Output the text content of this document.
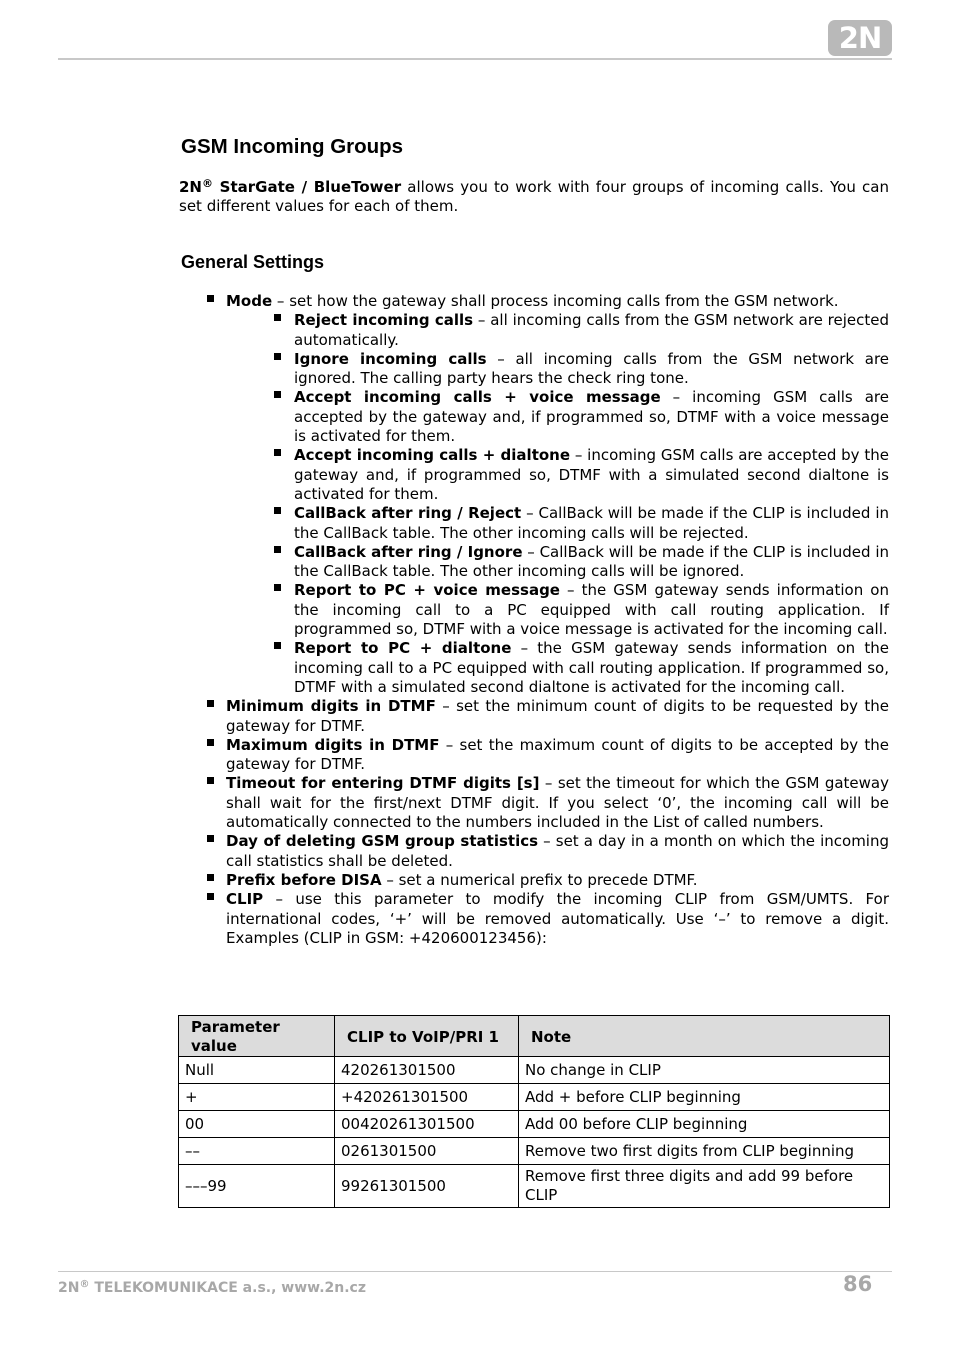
2N
GSM Incoming Groups

2N® StarGate / BlueTower allows you to work with four groups of incoming calls. You can set different values for each of them.

General Settings
Mode – set how the gateway shall process incoming calls from the GSM network.
Reject incoming calls – all incoming calls from the GSM network are rejected automatically.
Ignore incoming calls – all incoming calls from the GSM network are ignored. The calling party hears the check ring tone.
Accept incoming calls + voice message – incoming GSM calls are accepted by the gateway and, if programmed so, DTMF with a voice message is activated for them.
Accept incoming calls + dialtone – incoming GSM calls are accepted by the gateway and, if programmed so, DTMF with a simulated second dialtone is activated for them.
CallBack after ring / Reject – CallBack will be made if the CLIP is included in the CallBack table. The other incoming calls will be rejected.
CallBack after ring / Ignore – CallBack will be made if the CLIP is included in the CallBack table. The other incoming calls will be ignored.
Report to PC + voice message – the GSM gateway sends information on the incoming call to a PC equipped with call routing application. If programmed so, DTMF with a voice message is activated for the incoming call.
Report to PC + dialtone – the GSM gateway sends information on the incoming call to a PC equipped with call routing application. If programmed so, DTMF with a simulated second dialtone is activated for the incoming call.
Minimum digits in DTMF – set the minimum count of digits to be requested by the gateway for DTMF.
Maximum digits in DTMF – set the maximum count of digits to be accepted by the gateway for DTMF.
Timeout for entering DTMF digits [s] – set the timeout for which the GSM gateway shall wait for the first/next DTMF digit. If you select ‘0’, the incoming call will be automatically connected to the numbers included in the List of called numbers.
Day of deleting GSM group statistics – set a day in a month on which the incoming call statistics shall be deleted.
Prefix before DISA – set a numerical prefix to precede DTMF.
CLIP – use this parameter to modify the incoming CLIP from GSM/UMTS. For international codes, ‘+’ will be removed automatically. Use ‘–’ to remove a digit. Examples (CLIP in GSM: +420600123456):
Parameter value	CLIP to VoIP/PRI 1	Note
Null	420261301500	No change in CLIP
+	+420261301500	Add + before CLIP beginning
00	00420261301500	Add 00 before CLIP beginning
––	0261301500	Remove two first digits from CLIP beginning
–––99	99261301500	Remove first three digits and add 99 before CLIP
2N® TELEKOMUNIKACE a.s., www.2n.cz	86
